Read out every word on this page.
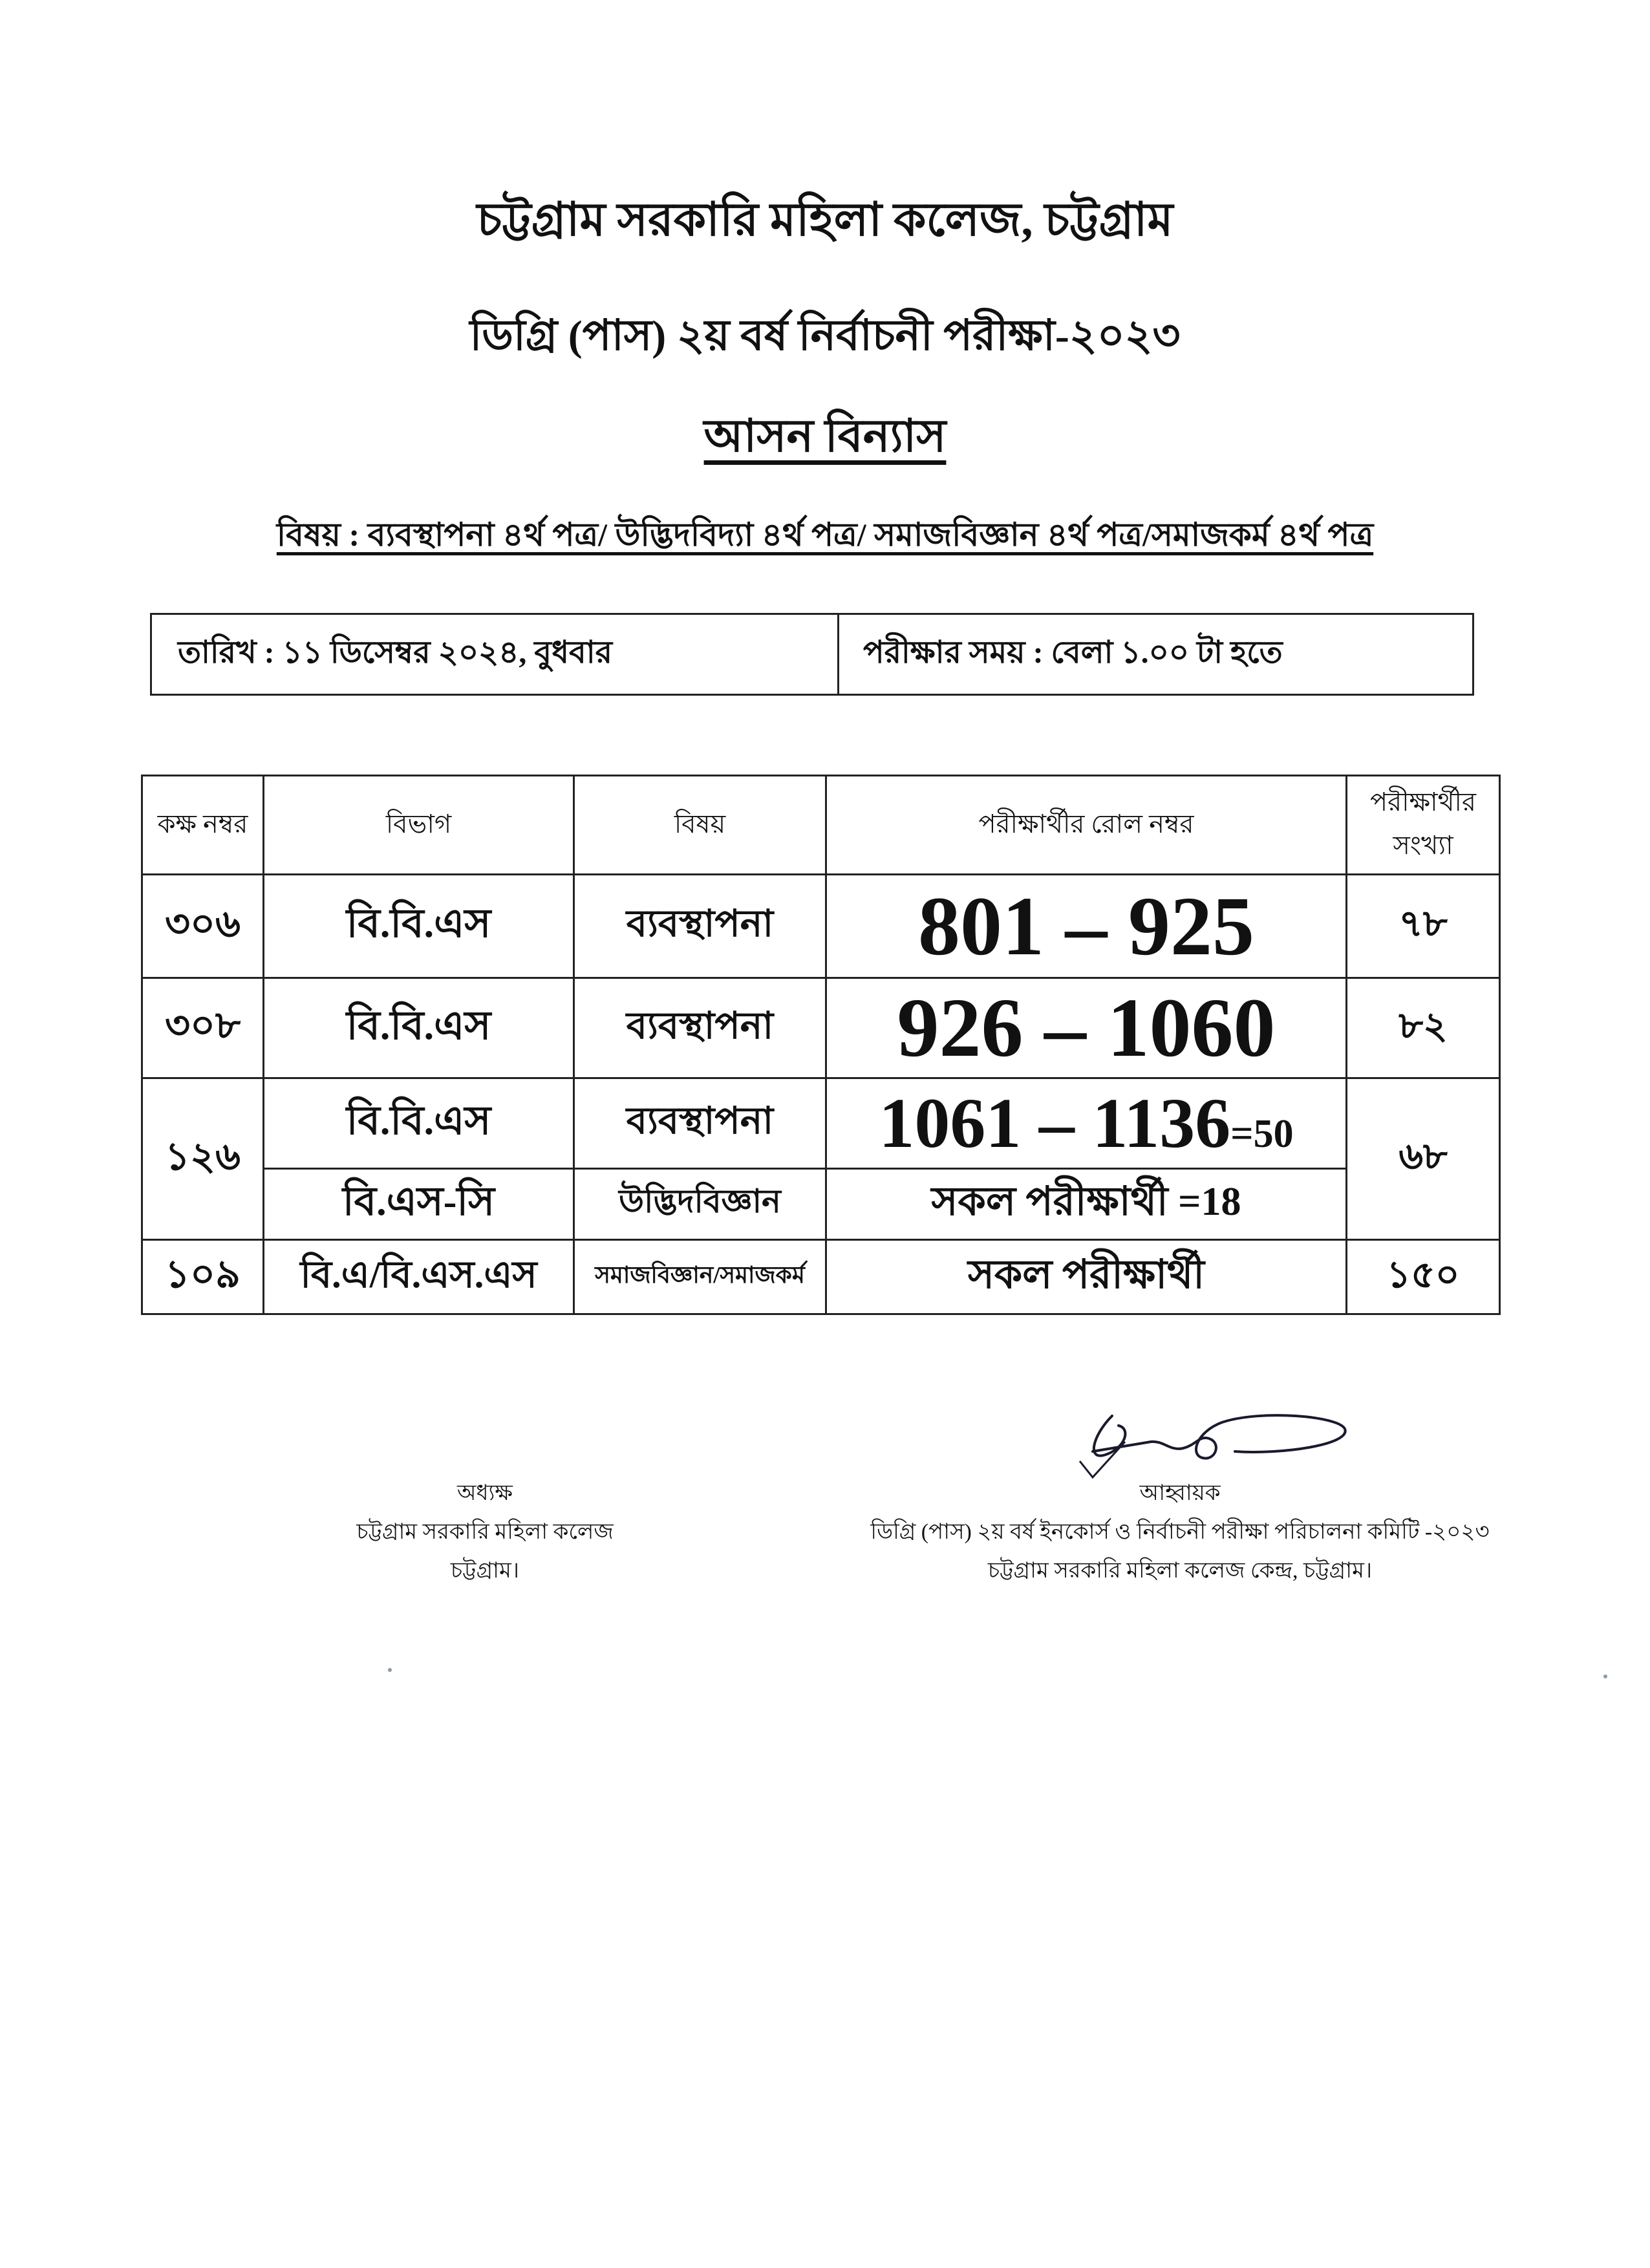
চট্টগ্রাম সরকারি মহিলা কলেজ, চট্টগ্রাম
ডিগ্রি (পাস) ২য় বর্ষ নির্বাচনী পরীক্ষা-২০২৩
আসন বিন্যাস
বিষয় : ব্যবস্থাপনা ৪র্থ পত্র/ উদ্ভিদবিদ্যা ৪র্থ পত্র/ সমাজবিজ্ঞান ৪র্থ পত্র/সমাজকর্ম ৪র্থ পত্র
তারিখ : ১১ ডিসেম্বর ২০২৪, বুধবার	পরীক্ষার সময় : বেলা ১.০০ টা হতে
কক্ষ নম্বর	বিভাগ	বিষয়	পরীক্ষার্থীর রোল নম্বর	পরীক্ষার্থীর সংখ্যা
৩০৬	বি.বি.এস	ব্যবস্থাপনা	801 – 925	৭৮
৩০৮	বি.বি.এস	ব্যবস্থাপনা	926 – 1060	৮২
১২৬	বি.বি.এস	ব্যবস্থাপনা	1061 – 1136=50	৬৮
	বি.এস-সি	উদ্ভিদবিজ্ঞান	সকল পরীক্ষার্থী =18	
১০৯	বি.এ/বি.এস.এস	সমাজবিজ্ঞান/সমাজকর্ম	সকল পরীক্ষার্থী	১৫০
অধ্যক্ষ
চট্টগ্রাম সরকারি মহিলা কলেজ
চট্টগ্রাম।
আহ্বায়ক
ডিগ্রি (পাস) ২য় বর্ষ ইনকোর্স ও নির্বাচনী পরীক্ষা পরিচালনা কমিটি -২০২৩
চট্টগ্রাম সরকারি মহিলা কলেজ কেন্দ্র, চট্টগ্রাম।
